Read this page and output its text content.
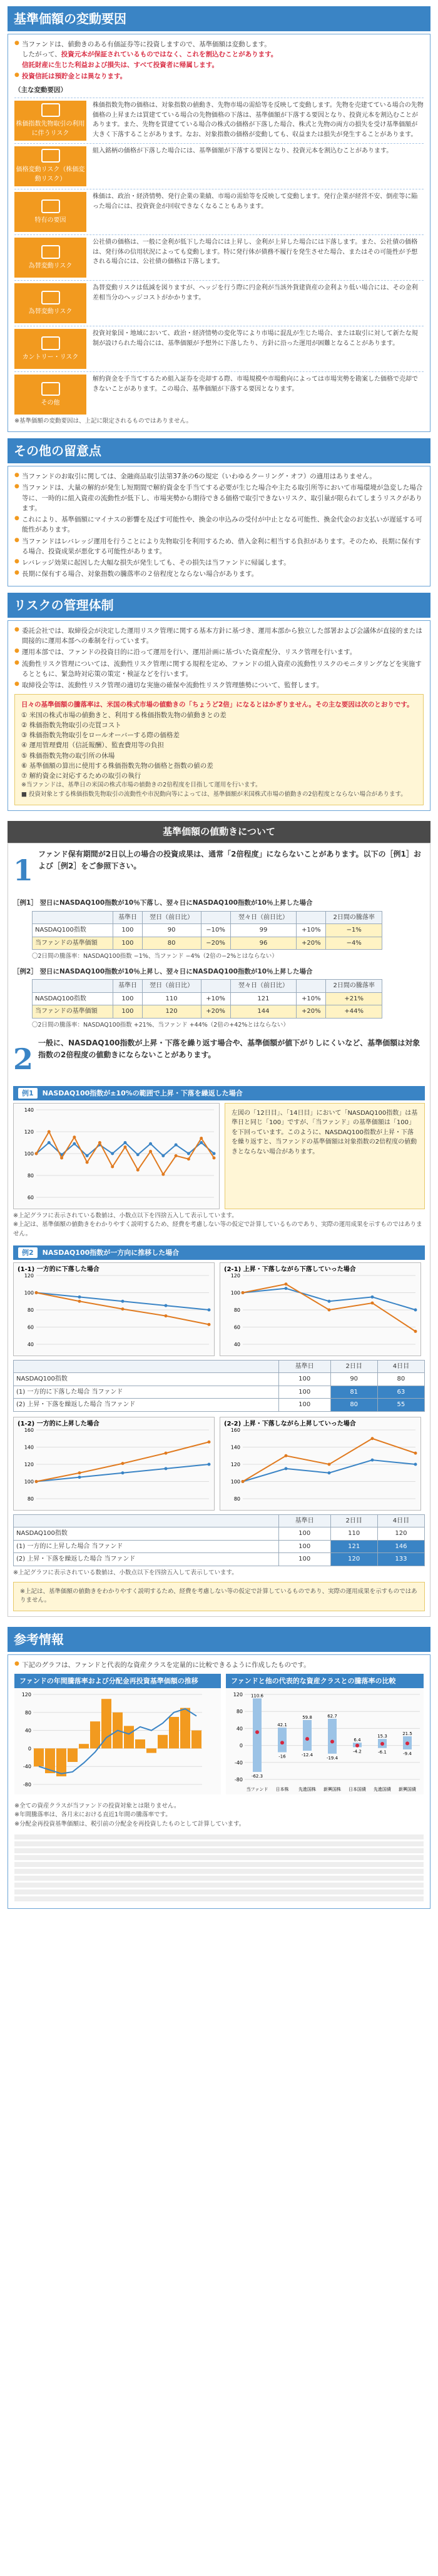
基準価額の変動要因
● 当ファンドは、値動きのある有価証券等に投資しますので、基準価額は変動します。
したがって、投資元本が保証されているものではなく、これを割込むことがあります。
信託財産に生じた利益および損失は、すべて投資者に帰属します。
● 投資信託は預貯金とは異なります。
（主な変動要因）
株価指数先物取引の利用に伴うリスク
株価指数先物の価格は、対象指数の値動き、先物市場の需給等を反映して変動します。先物を売建てている場合の先物価格の上昇または買建てている場合の先物価格の下落は、基準価額が下落する要因となり、投資元本を割込むことがあります。また、先物を買建てている場合の株式の価格が下落した場合、株式と先物の両方の損失を受け基準価額が大きく下落することがあります。なお、対象指数の価格が変動しても、収益または損失が発生することがあります。
価格変動リスク（株価変動リスク）
組入銘柄の価格が下落した場合には、基準価額が下落する要因となり、投資元本を割込むことがあります。
特有の要因
株価は、政治・経済情勢、発行企業の業績、市場の需給等を反映して変動します。発行企業が経営不安、倒産等に陥った場合には、投資資金が回収できなくなることもあります。
為替変動リスク
公社債の価格は、一般に金利が低下した場合には上昇し、金利が上昇した場合には下落します。また、公社債の価格は、発行体の信用状況によっても変動します。特に発行体が債務不履行を発生させた場合、またはその可能性が予想される場合には、公社債の価格は下落します。
為替変動リスク
為替変動リスクは低減を図りますが、ヘッジを行う際に円金利が当該外貨建資産の金利より低い場合には、その金利差相当分のヘッジコストがかかります。
カントリー・リスク
投資対象国・地域において、政治・経済情勢の変化等により市場に混乱が生じた場合、または取引に対して新たな規制が設けられた場合には、基準価額が予想外に下落したり、方針に沿った運用が困難となることがあります。
その他
解約資金を手当てするため組入証券を売却する際、市場規模や市場動向によっては市場実勢を勘案した価格で売却できないことがあります。この場合、基準価額が下落する要因となります。
※基準価額の変動要因は、上記に限定されるものではありません。
その他の留意点
● 当ファンドのお取引に関しては、金融商品取引法第37条の6の規定（いわゆるクーリング・オフ）の適用はありません。
● 当ファンドは、大量の解約が発生し短期間で解約資金を手当てする必要が生じた場合や主たる取引所等において市場環境が急変した場合等に、一時的に組入資産の流動性が低下し、市場実勢から期待できる価格で取引できないリスク、取引量が限られてしまうリスクがあります。
● これにより、基準価額にマイナスの影響を及ぼす可能性や、換金の申込みの受付が中止となる可能性、換金代金のお支払いが遅延する可能性があります。
● 当ファンドはレバレッジ運用を行うことにより先物取引を利用するため、借入金利に相当する負担があります。そのため、長期に保有する場合、投資成果が悪化する可能性があります。
● レバレッジ効果に起因した大幅な損失が発生しても、その損失は当ファンドに帰属します。
● 長期に保有する場合、対象指数の騰落率の２倍程度とならない場合があります。
リスクの管理体制
● 委託会社では、取締役会が決定した運用リスク管理に関する基本方針に基づき、運用本部から独立した部署および会議体が直接的または間接的に運用本部への牽制を行っています。
● 運用本部では、ファンドの投資目的に沿って運用を行い、運用計画に基づいた資産配分、リスク管理を行います。
● 流動性リスク管理については、流動性リスク管理に関する規程を定め、ファンドの組入資産の流動性リスクのモニタリングなどを実施するとともに、緊急時対応策の策定・検証などを行います。
● 取締役会等は、流動性リスク管理の適切な実施の確保や流動性リスク管理態勢について、監督します。
日々の基準価額の騰落率は、米国の株式市場の値動きの「ちょうど2倍」になるとはかぎりません。その主な要因は次のとおりです。
① 米国の株式市場の値動きと、利用する株価指数先物の値動きとの差
② 株価指数先物取引の売買コスト
③ 株価指数先物取引をロールオーバーする際の価格差
④ 運用管理費用（信託報酬）、監査費用等の負担
⑤ 株価指数先物の取引所の休場
⑥ 基準価額の算出に使用する株価指数先物の価格と指数の値の差
⑦ 解約資金に対応するための取引の執行
※当ファンドは、基準日の米国の株式市場の値動きの2倍程度を目指して運用を行います。
■ 投資対象とする株価指数先物取引の流動性や市況動向等によっては、基準価額が米国株式市場の値動きの2倍程度とならない場合があります。
基準価額の値動きについて
1 ファンド保有期間が2日以上の場合の投資成果は、通常「2倍程度」にならないことがあります。以下の［例1］および［例2］をご参照下さい。
［例1］ 翌日にNASDAQ100指数が10％下落し、翌々日にNASDAQ100指数が10％上昇した場合
	基準日	翌日（前日比）		翌々日（前日比）		2日間の騰落率
NASDAQ100指数	100	90	−10%	99	+10%	−1%
当ファンドの基準価額	100	80	−20%	96	+20%	−4%
〇2日間の騰落率：NASDAQ100指数 −1%、当ファンド −4%（2倍の−2%とはならない）
［例2］ 翌日にNASDAQ100指数が10％上昇し、翌々日にNASDAQ100指数が10％上昇した場合
	基準日	翌日（前日比）		翌々日（前日比）		2日間の騰落率
NASDAQ100指数	100	110	+10%	121	+10%	+21%
当ファンドの基準価額	100	120	+20%	144	+20%	+44%
〇2日間の騰落率：NASDAQ100指数 +21%、当ファンド +44%（2倍の+42%とはならない）
2 一般に、NASDAQ100指数が上昇・下落を繰り返す場合や、基準価額が値下がりしにくいなど、基準価額は対象指数の2倍程度の値動きにならないことがあります。
例1	NASDAQ100指数が±10%の範囲で上昇・下落を繰返した場合
60
80
100
120
140	左図の「12日目」、「14日目」において「NASDAQ100指数」は基準日と同じ「100」ですが、「当ファンド」の基準価額は「100」を下回っています。このように、NASDAQ100指数が上昇・下落を繰り返すと、当ファンドの基準価額は対象指数の2倍程度の値動きとならない場合があります。
※上記グラフに表示されている数値は、小数点以下を四捨五入して表示しています。
※上記は、基準価額の値動きをわかりやすく説明するため、経費を考慮しない等の仮定で計算しているものであり、実際の運用成果を示すものではありません。
例2	NASDAQ100指数が一方向に推移した場合
(1-1) 一方的に下落した場合
40
60
80
100
120
(2-1) 上昇・下落しながら下落していった場合
40
60
80
100
120
	基準日	2日目	4日目
NASDAQ100指数	100	90	80
(1) 一方的に下落した場合 当ファンド	100	81	63
(2) 上昇・下落を繰返した場合 当ファンド	100	80	55
(1-2) 一方的に上昇した場合
80
100
120
140
160
(2-2) 上昇・下落しながら上昇していった場合
80
100
120
140
160
	基準日	2日目	4日目
NASDAQ100指数	100	110	120
(1) 一方的に上昇した場合 当ファンド	100	121	146
(2) 上昇・下落を繰返した場合 当ファンド	100	120	133
※上記グラフに表示されている数値は、小数点以下を四捨五入して表示しています。
※上記は、基準価額の値動きをわかりやすく説明するため、経費を考慮しない等の仮定で計算しているものであり、実際の運用成果を示すものではありません。
参考情報
● 下記のグラフは、ファンドと代表的な資産クラスを定量的に比較できるように作成したものです。
ファンドの年間騰落率および分配金再投資基準価額の推移
-80
-40
0
40
80
120
ファンドと他の代表的な資産クラスとの騰落率の比較
-80
-40
0
40
80
120 110.6
-62.3
当ファンド
42.1
-16
日本株
59.8
-12.4
先進国株
62.7
-19.4
新興国株
6.4
-4.2
日本国債
15.3
-6.1
先進国債
21.5
-9.4
新興国債
※全ての資産クラスが当ファンドの投資対象とは限りません。
※年間騰落率は、各月末における直近1年間の騰落率です。
※分配金再投資基準価額は、税引前の分配金を再投資したものとして計算しています。
